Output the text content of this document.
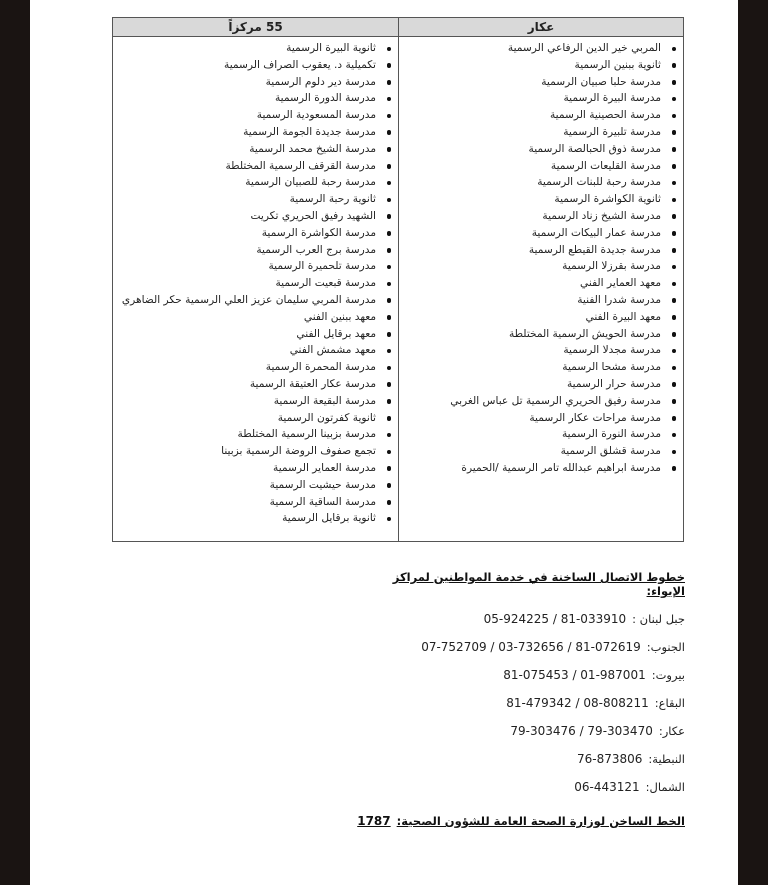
عكار
المربي خير الدين الرفاعي الرسمية
ثانوية ببنين الرسمية
مدرسة حلبا صبيان الرسمية
مدرسة البيرة الرسمية
مدرسة الحصينية الرسمية
مدرسة تلبيرة الرسمية
مدرسة ذوق الحبالصة الرسمية
مدرسة القليعات الرسمية
مدرسة رحبة للبنات الرسمية
ثانوية الكواشرة الرسمية
مدرسة الشيخ زناد الرسمية
مدرسة عمار البيكات الرسمية
مدرسة جديدة القيطع الرسمية
مدرسة بقرزلا الرسمية
معهد العماير الفني
مدرسة شدرا الفنية
معهد البيرة الفني
مدرسة الحويش الرسمية المختلطة
مدرسة مجدلا الرسمية
مدرسة مشحا الرسمية
مدرسة حرار الرسمية
مدرسة رفيق الحريري الرسمية تل عباس الغربي
مدرسة مراحات عكار الرسمية
مدرسة النورة الرسمية
مدرسة قشلق الرسمية
مدرسة ابراهيم عبدالله تامر الرسمية /الحميرة
55 مركزاً
ثانوية البيرة الرسمية
تكميلية د. يعقوب الصراف الرسمية
مدرسة دير دلوم الرسمية
مدرسة الدورة الرسمية
مدرسة المسعودية الرسمية
مدرسة جديدة الجومة الرسمية
مدرسة الشيخ محمد الرسمية
مدرسة القرقف الرسمية المختلطة
مدرسة رحبة للصبيان الرسمية
ثانوية رحبة الرسمية
الشهيد رفيق الحريري تكريت
مدرسة الكواشرة الرسمية
مدرسة برج العرب الرسمية
مدرسة تلحميرة الرسمية
مدرسة قبعيت الرسمية
مدرسة المربي سليمان عزيز العلي الرسمية حكر الضاهري
معهد ببنين الفني
معهد برقايل الفني
معهد مشمش الفني
مدرسة المحمرة الرسمية
مدرسة عكار العتيقة الرسمية
مدرسة البقيعة الرسمية
ثانوية كفرتون الرسمية
مدرسة بزبينا الرسمية المختلطة
تجمع صفوف الروضة الرسمية بزبينا
مدرسة العماير الرسمية
مدرسة حيشيت الرسمية
مدرسة الساقية الرسمية
ثانوية برقايل الرسمية
خطوط الاتصال الساخنة في خدمة المواطنين لمراكز الإيواء:
جبل لبنان :05-924225 / 81-033910
الجنوب:07-752709 / 03-732656 / 81-072619
بيروت:81-075453 / 01-987001
البقاع:81-479342 / 08-808211
عكار:79-303476 / 79-303470
النبطية:76-873806
الشمال:06-443121
الخط الساخن لوزارة الصحة العامة للشؤون الصحية:1787
